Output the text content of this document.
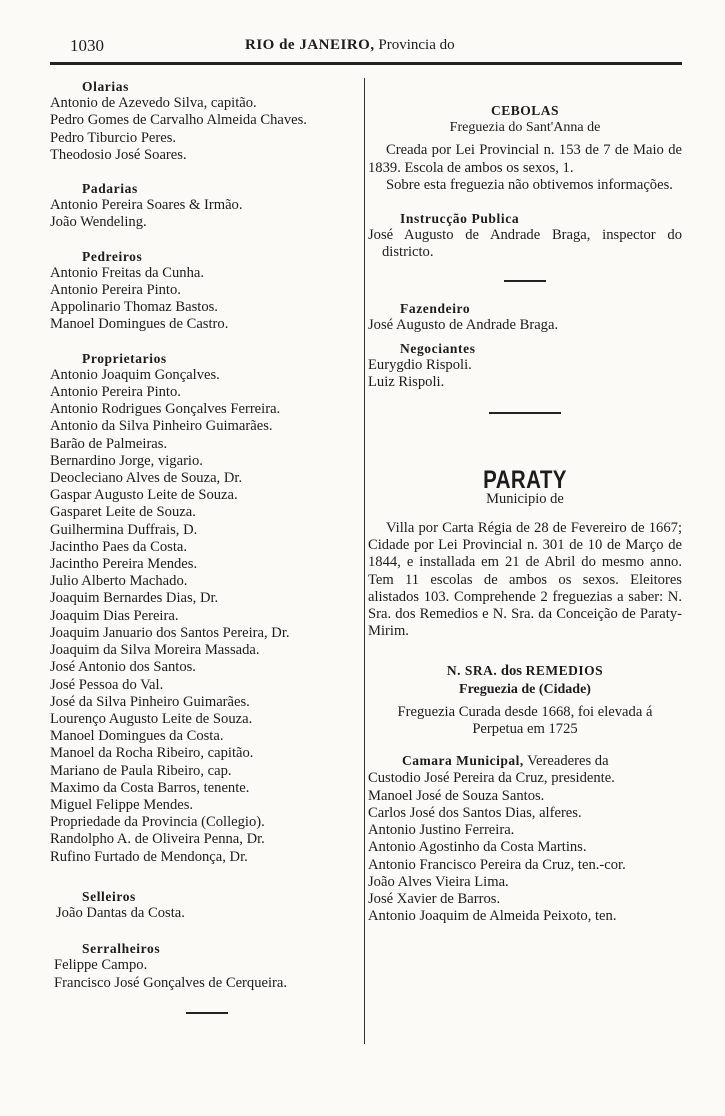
1030	RIO de JANEIRO, Provincia do
Olarias
Antonio de Azevedo Silva, capitão.
Pedro Gomes de Carvalho Almeida Chaves.
Pedro Tiburcio Peres.
Theodosio José Soares.
Padarias
Antonio Pereira Soares & Irmão.
João Wendeling.
Pedreiros
Antonio Freitas da Cunha.
Antonio Pereira Pinto.
Appolinario Thomaz Bastos.
Manoel Domingues de Castro.
Proprietarios
Antonio Joaquim Gonçalves.
Antonio Pereira Pinto.
Antonio Rodrigues Gonçalves Ferreira.
Antonio da Silva Pinheiro Guimarães.
Barão de Palmeiras.
Bernardino Jorge, vigario.
Deocleciano Alves de Souza, Dr.
Gaspar Augusto Leite de Souza.
Gasparet Leite de Souza.
Guilhermina Duffrais, D.
Jacintho Paes da Costa.
Jacintho Pereira Mendes.
Julio Alberto Machado.
Joaquim Bernardes Dias, Dr.
Joaquim Dias Pereira.
Joaquim Januario dos Santos Pereira, Dr.
Joaquim da Silva Moreira Massada.
José Antonio dos Santos.
José Pessoa do Val.
José da Silva Pinheiro Guimarães.
Lourenço Augusto Leite de Souza.
Manoel Domingues da Costa.
Manoel da Rocha Ribeiro, capitão.
Mariano de Paula Ribeiro, cap.
Maximo da Costa Barros, tenente.
Miguel Felippe Mendes.
Propriedade da Provincia (Collegio).
Randolpho A. de Oliveira Penna, Dr.
Rufino Furtado de Mendonça, Dr.
Selleiros
João Dantas da Costa.
Serralheiros
Felippe Campo.
Francisco José Gonçalves de Cerqueira.
CEBOLAS
Freguezia do Sant'Anna de
Creada por Lei Provincial n. 153 de 7 de Maio de 1839. Escola de ambos os sexos, 1.
Sobre esta freguezia não obtivemos informações.
Instrucção Publica
José Augusto de Andrade Braga, inspector do districto.
Fazendeiro
José Augusto de Andrade Braga.
Negociantes
Eurygdio Rispoli.
Luiz Rispoli.
PARATY
Municipio de
Villa por Carta Régia de 28 de Fevereiro de 1667; Cidade por Lei Provincial n. 301 de 10 de Março de 1844, e installada em 21 de Abril do mesmo anno. Tem 11 escolas de ambos os sexos. Eleitores alistados 103. Comprehende 2 freguezias a saber: N. Sra. dos Remedios e N. Sra. da Conceição de Paraty-Mirim.
N. SRA. dos REMEDIOS
Freguezia de (Cidade)
Freguezia Curada desde 1668, foi elevada á Perpetua em 1725
Camara Municipal, Vereaderes da
Custodio José Pereira da Cruz, presidente.
Manoel José de Souza Santos.
Carlos José dos Santos Dias, alferes.
Antonio Justino Ferreira.
Antonio Agostinho da Costa Martins.
Antonio Francisco Pereira da Cruz, ten.-cor.
João Alves Vieira Lima.
José Xavier de Barros.
Antonio Joaquim de Almeida Peixoto, ten.
